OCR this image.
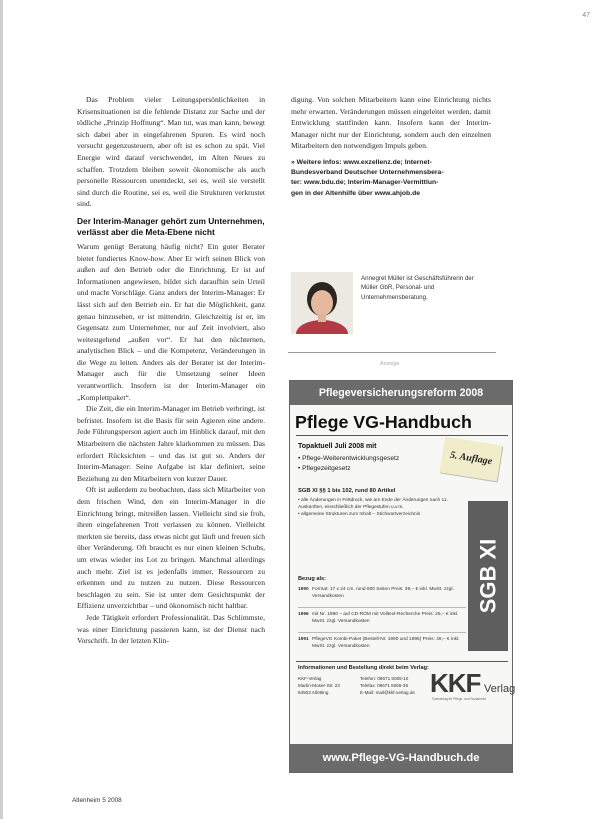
47

Das Problem vieler Leitungspersönlichkeiten in Krisensituationen ist die fehlende Distanz zur Sache und der tödliche „Prinzip Hoffnung“. Man tut, was man kann, bewegt sich dabei aber in eingefahrenen Spuren. Es wird noch versucht gegenzusteuern, aber oft ist es schon zu spät. Viel Energie wird darauf verschwendet, im Alten Neues zu schaffen. Trotzdem bleiben soweit ökonomische als auch personelle Ressourcen unentdeckt, sei es, weil sie verstellt sind durch die Routine, sei es, weil die Strukturen verkrustet sind.

Der Interim-Manager gehört zum Unternehmen, verlässt aber die Meta-Ebene nicht

Warum genügt Beratung häufig nicht? Ein guter Berater bietet fundiertes Know-how. Aber Er wirft seinen Blick von außen auf den Betrieb oder die Einrichtung. Er ist auf Informationen angewiesen, bildet sich daraufhin sein Urteil und macht Vorschläge. Ganz anders der Interim-Manager: Er lässt sich auf den Betrieb ein. Er hat die Möglichkeit, ganz genau hinzusehen, er ist mittendrin. Gleichzeitig ist er, im Gegensatz zum Unternehmer, nur auf Zeit involviert, also weitestgehend „außen vor“. Er hat den nüchternen, analytischen Blick – und die Kompetenz, Veränderungen in die Wege zu leiten. Anders als der Berater ist der Interim-Manager auch für die Umsetzung seiner Ideen verantwortlich. Insofern ist der Interim-Manager ein „Komplettpaket“.

Die Zeit, die ein Interim-Manager im Betrieb verbringt, ist befristet. Insofern ist die Basis für sein Agieren eine andere. Jede Führungsperson agiert auch im Hinblick darauf, mit den Mitarbeitern die nächsten Jahre klarkommen zu müssen. Das erfordert Rücksichten – und das ist gut so. Anders der Interim-Manager: Seine Aufgabe ist klar definiert, seine Beziehung zu den Mitarbeitern von kurzer Dauer.

Oft ist außerdem zu beobachten, dass sich Mitarbeiter von dem frischen Wind, den ein Interim-Manager in die Einrichtung bringt, mitreißen lassen. Vielleicht sind sie froh, ihren eingefahrenen Trott verlassen zu können. Vielleicht merkten sie bereits, dass etwas nicht gut läuft und freuen sich über Veränderung. Oft braucht es nur einen kleinen Schubs, um etwas wieder ins Lot zu bringen. Manchmal allerdings auch mehr. Ziel ist es jedenfalls immer, Ressourcen zu erkennen und zu nutzen zu nutzen. Diese Ressourcen beschlagen zu sein. Sie ist unter dem Gesichtspunkt der Effizienz unverzichtbar – und ökonomisch nicht haltbar.

Jede Tätigkeit erfordert Professionalität. Das Schlimmste, was einer Einrichtung passieren kann, ist der Dienst nach Vorschrift. In der letzten Klin-

digung. Von solchen Mitarbeitern kann eine Einrichtung nichts mehr erwarten. Veränderungen müssen eingeleitet werden, damit Entwicklung stattfinden kann. Insofern kann der Interim-Manager nicht nur der Einrichtung, sondern auch den einzelnen Mitarbeitern den notwendigen Impuls geben.

» Weitere Infos: www.exzellenz.de; Internet-
Bundesverband Deutscher Unternehmensbera-
ter: www.bdu.de; Interim-Manager-Vermittlun-
gen in der Altenhilfe über www.ahjob.de
Annegret Müller ist Geschäftsführerin der Müller GbR, Personal- und Unternehmensberatung.
Anzeige
Pflegeversicherungsreform 2008
Pflege VG-Handbuch
Topaktuell Juli 2008 mit
• Pflege-Weiterentwicklungsgesetz
• Pflegezeitgesetz
5. Auflage
SGB XI §§ 1 bis 102, rund 80 Artikel
• alle Änderungen in Fettdruck, wie am Ende der Änderungen nach 11. Auskünften, einschließlich der Pflegestufen u.v.m.
• allgemeine Strukturen zum Inhalt – Stichwortverzeichnis
Bezug als:
1990 Format: 17 x 24 cm, rund 800 Seiten Preis: 39,– € inkl. MwSt. zzgl. Versandkosten
1996 mit Nr. 1990 – auf CD-ROM mit Volltext-Recherche Preis: 25,– € inkl. MwSt. zzgl. Versandkosten
1991 PflegeVG Kombi-Paket (Bestell-Nr. 1990 und 1996) Preis: 49,– € inkl. MwSt. zzgl. Versandkosten
SGB XI
Informationen und Bestellung direkt beim Verlag:
KKF-Verlag
Martin-Moser-Str. 23
84503 Altötting
Telefon: 08671 5065-10
Telefax: 08671 5065-35
E-Mail: mail@kkf-verlag.de KKF Verlag
Fachverlag für Pflege- und Sozialrecht
www.Pflege-VG-Handbuch.de
Altenheim 5 2008
